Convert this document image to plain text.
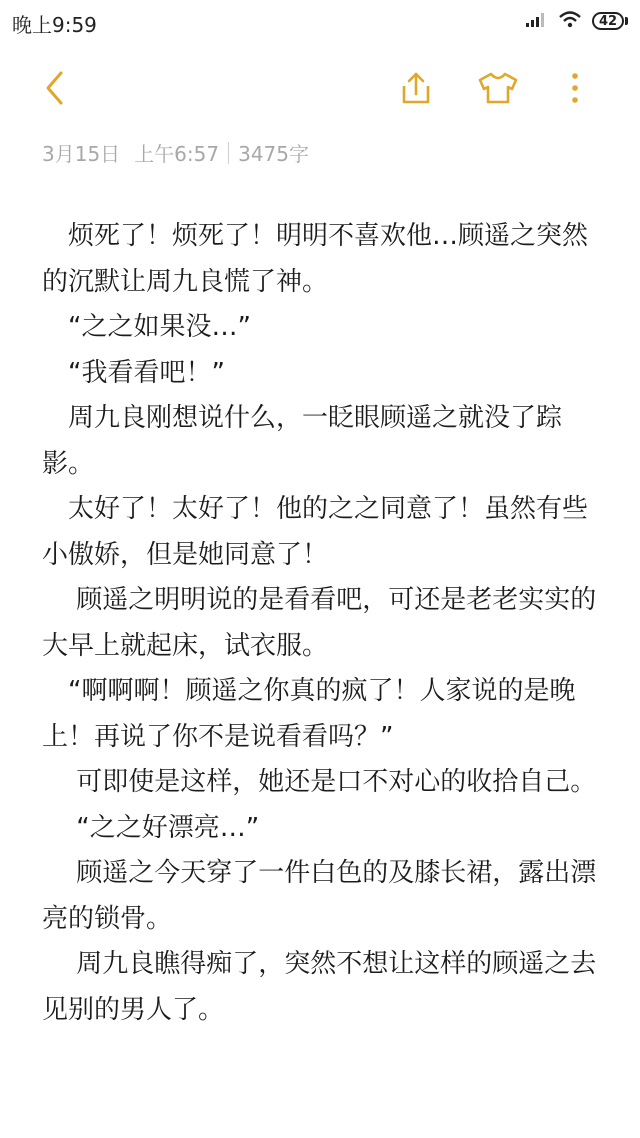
晚上9:59	42
3月15日 上午6:57 3475字

　烦死了！烦死了！明明不喜欢他…顾遥之突然的沉默让周九良慌了神。

　“之之如果没…”

　“我看看吧！”

　周九良刚想说什么，一眨眼顾遥之就没了踪影。

　太好了！太好了！他的之之同意了！虽然有些小傲娇，但是她同意了！

　 顾遥之明明说的是看看吧，可还是老老实实的大早上就起床，试衣服。

　“啊啊啊！顾遥之你真的疯了！人家说的是晚上！再说了你不是说看看吗？”

　 可即使是这样，她还是口不对心的收拾自己。

　 “之之好漂亮…”

　 顾遥之今天穿了一件白色的及膝长裙，露出漂亮的锁骨。

　 周九良瞧得痴了，突然不想让这样的顾遥之去见别的男人了。
